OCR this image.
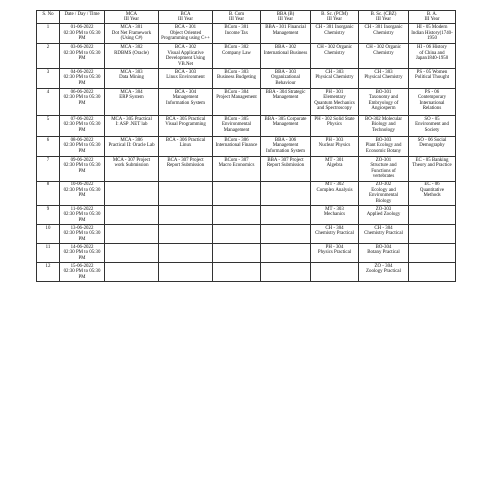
S. No	Date / Day / Time	MCA
III Year	BCA
III Year	B. Com
III Year	BBA (B)
III Year	B. Sc. (PCM)
III Year	B. Sc. (CBZ)
III Year	B. A.
III Year

1	01-06-2022
02:30 PM to 05:30
PM	MCA - 301
Dot Net Framework
(Using C#)	BCA - 301
Object Oriented
Programming using C++	BCom - 301
Income Tax	BBA - 301 Financial
Management	CH - 301 Inorganic
Chemistry	CH - 301 Inorganic
Chemistry	HI - 05 Modern
Indian History(1740-
1950

2	03-06-2022
02:30 PM to 05:30
PM	MCA - 302
RDBMS (Oracle)	BCA - 302
Visual Applicative
Development Using
VB.Net	BCom - 302
Company Law	BBA - 302
International Business	CH - 302 Organic
Chemistry	CH - 302 Organic
Chemistry	HI - 06 History
of China and
Japan1840-1950

3	04-06-2022
02:30 PM to 05:30
PM	MCA - 303
Data Mining	BCA - 303
Linux Environment	BCom - 303
Business Budgeting	BBA - 303
Organizational
Behaviour	CH - 303
Physical Chemistry	CH - 303
Physical Chemistry	PS - 05 Women
Political Thought

4	06-06-2022
02:30 PM to 05:30
PM	MCA - 304
ERP System	BCA - 304
Management
Information System	BCom - 304
Project Management	BBA - 304 Strategic
Management	PH - 301
Elementary
Quantum Mechanics
and Spectroscopy	BO-301
Taxonomy and
Embryology of
Angiosperm	PS - 06
Contemporary
International
Relations

5	07-06-2022
02:30 PM to 05:30
PM	MCA - 305 Practical
I: ASP .NET lab	BCA - 305 Practical
Visual Programming	BCom - 305
Environmental
Management	BBA - 305 Corporate
Management	PH - 302 Solid State
Physics	BO-302 Molecular
Biology and
Technology	SO - 05
Environment and
Society

6	08-06-2022
02:30 PM to 05:30
PM	MCA - 306
Practical II: Oracle Lab	BCA - 306 Practical
Linux	BCom - 306
International Finance	BBA - 306
Management
Information System	PH - 303
Nuclear Physics	BO-303
Plant Ecology and
Economic Botany	SO - 06 Social
Demography

7	09-06-2022
02:30 PM to 05:30
PM	MCA - 307 Project
work Submission	BCA - 307 Project
Report Submission	BCom - 307
Macro Economics	BBA - 307 Project
Report Submission	MT - 301
Algebra	ZO-301
Structure and
Functions of
vertebrates	EC - 05 Banking
Theory and Practice

8	10-06-2022
02:30 PM to 05:30
PM					MT - 302
Complex Analysis	ZO-302
Ecology and
Environmental
Biology	EC - 06
Quantitative
Methods

9	11-06-2022
02:30 PM to 05:30
PM					MT - 303
Mechanics	ZO-303
Applied Zoology	

10	13-06-2022
02:30 PM to 05:30
PM					CH - 304
Chemistry Practical	CH - 304
Chemistry Practical	

11	14-06-2022
02:30 PM to 05:30
PM					PH - 304
Physics Practical	BO-304
Botany Practical	

12	15-06-2022
02:30 PM to 05:30
PM						ZO - 304
Zoology Practical	
